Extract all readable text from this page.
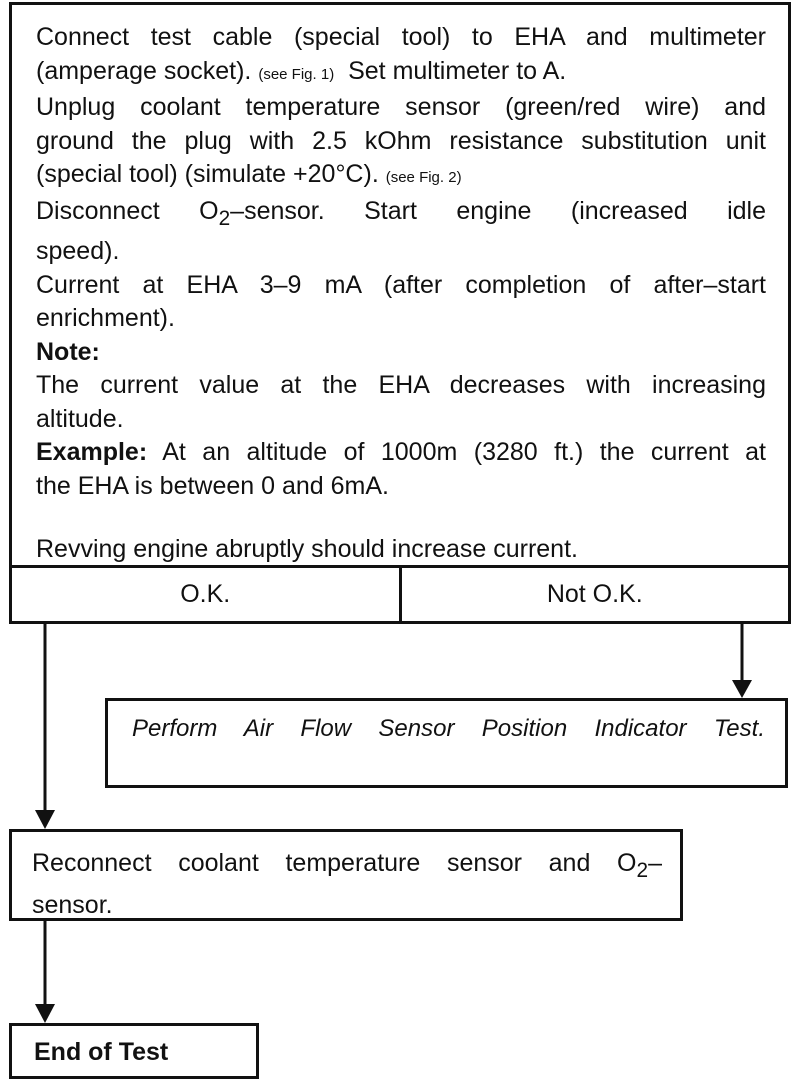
Connect test cable (special tool) to EHA and multimeter

(amperage socket). (see Fig. 1) Set multimeter to A.

Unplug coolant temperature sensor (green/red wire) and

ground the plug with 2.5 kOhm resistance substitution unit

(special tool) (simulate +20°C). (see Fig. 2)

Disconnect $O_2$–sensor. Start engine (increased idle

speed).

Current at EHA 3–9 mA (after completion of after–start

enrichment).

Note:

The current value at the EHA decreases with increasing

altitude.

Example: At an altitude of 1000m (3280 ft.) the current at

the EHA is between 0 and 6mA.

Revving engine abruptly should increase current.

O.K.	Not O.K.
Perform Air Flow Sensor Position Indicator Test.

Reconnect coolant temperature sensor and $O_2-$

sensor.

End of Test
